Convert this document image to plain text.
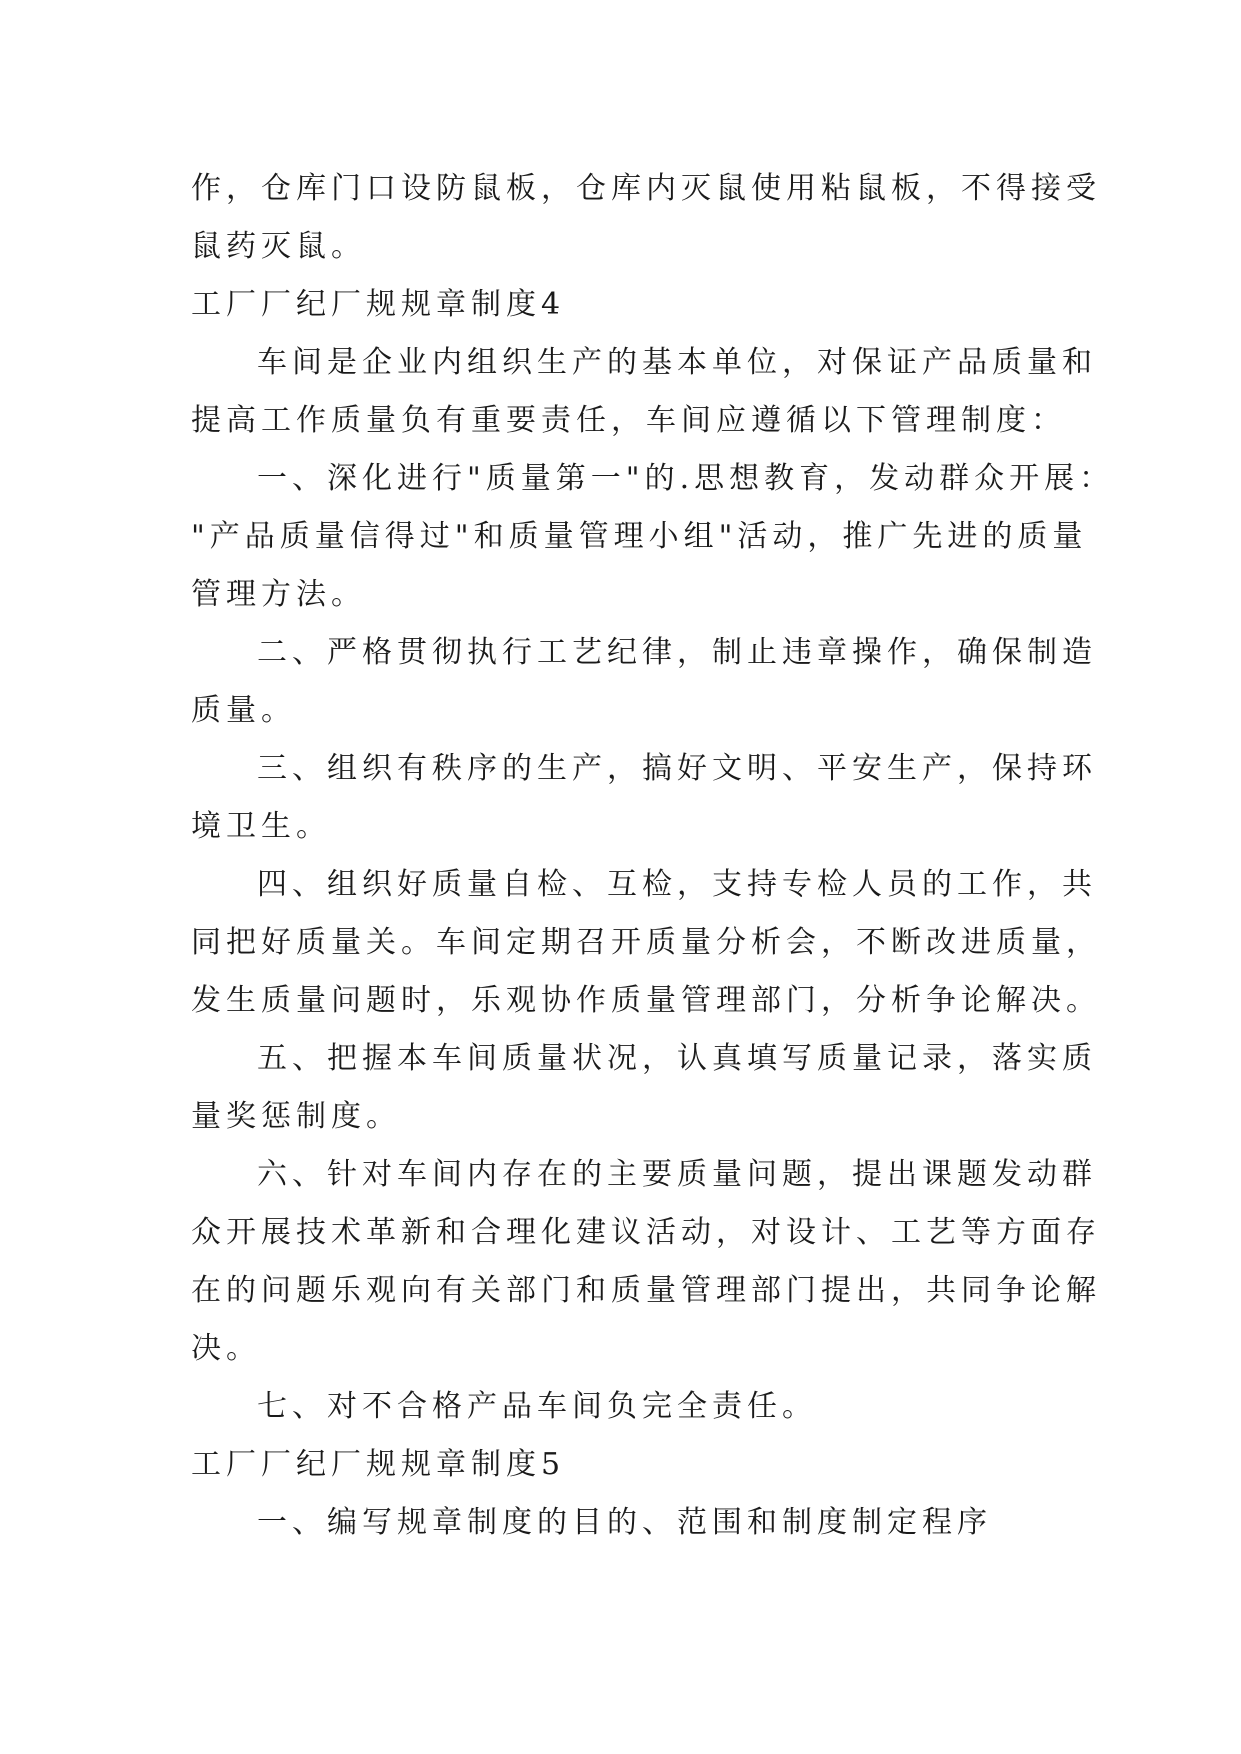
作，仓库门口设防鼠板，仓库内灭鼠使用粘鼠板，不得接受
鼠药灭鼠。
工厂厂纪厂规规章制度4
车间是企业内组织生产的基本单位，对保证产品质量和
提高工作质量负有重要责任，车间应遵循以下管理制度：
一、深化进行"质量第一"的.思想教育，发动群众开展：
"产品质量信得过"和质量管理小组"活动，推广先进的质量
管理方法。
二、严格贯彻执行工艺纪律，制止违章操作，确保制造
质量。
三、组织有秩序的生产，搞好文明、平安生产，保持环
境卫生。
四、组织好质量自检、互检，支持专检人员的工作，共
同把好质量关。车间定期召开质量分析会，不断改进质量，
发生质量问题时，乐观协作质量管理部门，分析争论解决。
五、把握本车间质量状况，认真填写质量记录，落实质
量奖惩制度。
六、针对车间内存在的主要质量问题，提出课题发动群
众开展技术革新和合理化建议活动，对设计、工艺等方面存
在的问题乐观向有关部门和质量管理部门提出，共同争论解
决。
七、对不合格产品车间负完全责任。
工厂厂纪厂规规章制度5
一、编写规章制度的目的、范围和制度制定程序
